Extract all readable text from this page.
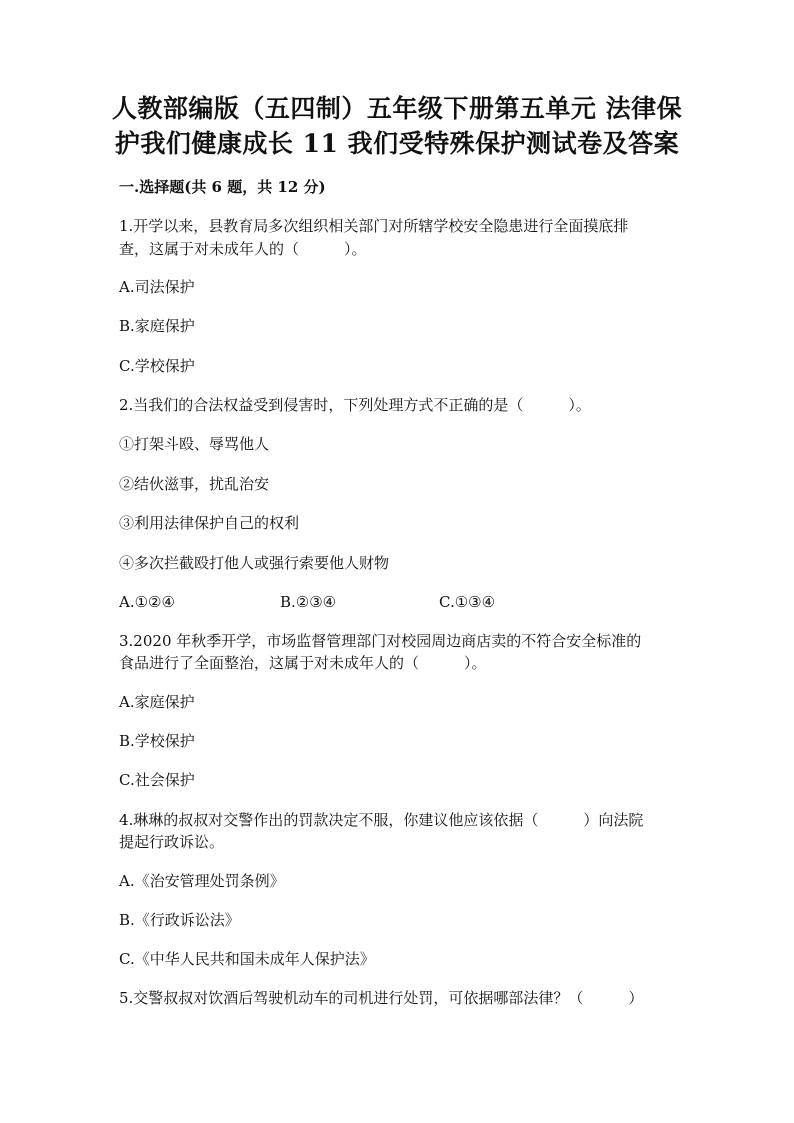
人教部编版（五四制）五年级下册第五单元 法律保
护我们健康成长 11 我们受特殊保护测试卷及答案
一.选择题(共 6 题，共 12 分)
1.开学以来，县教育局多次组织相关部门对所辖学校安全隐患进行全面摸底排
查，这属于对未成年人的（　　　）。
A.司法保护
B.家庭保护
C.学校保护
2.当我们的合法权益受到侵害时，下列处理方式不正确的是（　　　）。
①打架斗殴、辱骂他人
②结伙滋事，扰乱治安
③利用法律保护自己的权利
④多次拦截殴打他人或强行索要他人财物
A.①②④	B.②③④	C.①③④
3.2020 年秋季开学，市场监督管理部门对校园周边商店卖的不符合安全标准的
食品进行了全面整治，这属于对未成年人的（　　　）。
A.家庭保护
B.学校保护
C.社会保护
4.琳琳的叔叔对交警作出的罚款决定不服，你建议他应该依据（　　　）向法院
提起行政诉讼。
A.《治安管理处罚条例》
B.《行政诉讼法》
C.《中华人民共和国未成年人保护法》
5.交警叔叔对饮酒后驾驶机动车的司机进行处罚，可依据哪部法律？（　　　）
